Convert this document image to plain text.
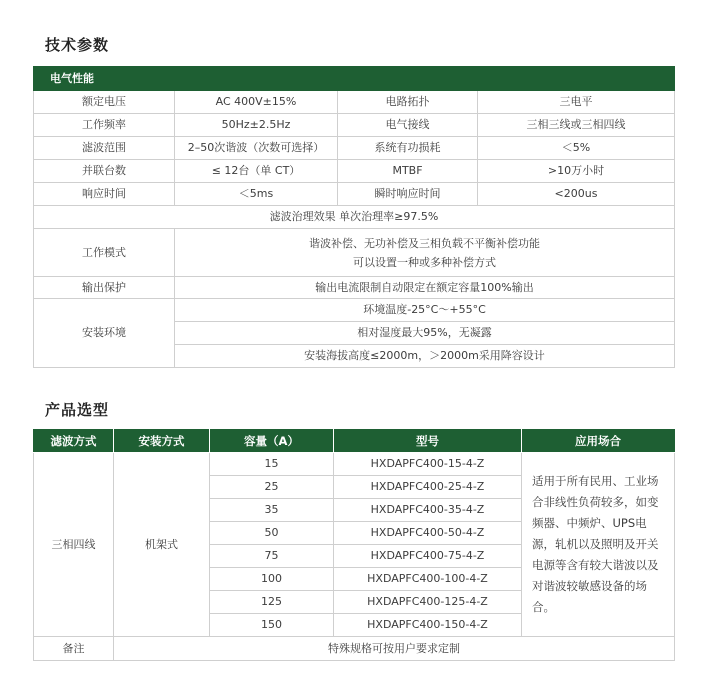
技术参数
电气性能			
额定电压	AC 400V±15%	电路拓扑	三电平
工作频率	50Hz±2.5Hz	电气接线	三相三线或三相四线
滤波范围	2–50次谐波（次数可选择）	系统有功损耗	＜5%
并联台数	≤ 12台（单 CT）	MTBF	>10万小时
响应时间	＜5ms	瞬时响应时间	<200us
滤波治理效果 单次治理率≥97.5%			
工作模式	谐波补偿、无功补偿及三相负载不平衡补偿功能
可以设置一种或多种补偿方式		

输出保护	输出电流限制自动限定在额定容量100%输出		
安装环境	环境温度-25°C～+55°C		
	相对湿度最大95%，无凝露		
	安装海拔高度≤2000m，＞2000m采用降容设计		
产品选型
滤波方式	安装方式	容量（A）	型号	应用场合
三相四线	机架式	15	HXDAPFC400-15-4-Z	适用于所有民用、工业场合非线性负荷较多，如变频器、中频炉、UPS电源，轧机以及照明及开关电源等含有较大谐波以及对谐波较敏感设备的场合。
		25	HXDAPFC400-25-4-Z	
		35	HXDAPFC400-35-4-Z	
		50	HXDAPFC400-50-4-Z	
		75	HXDAPFC400-75-4-Z	
		100	HXDAPFC400-100-4-Z	
		125	HXDAPFC400-125-4-Z	
		150	HXDAPFC400-150-4-Z	
备注	特殊规格可按用户要求定制			
